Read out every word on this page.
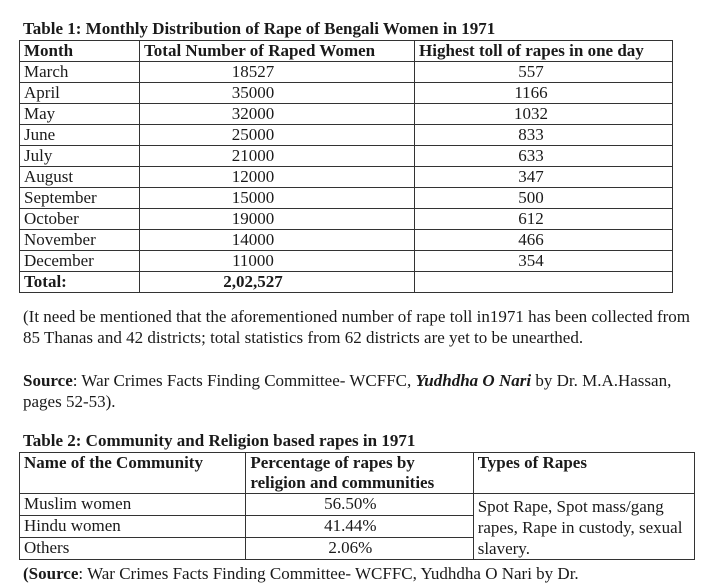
Table 1: Monthly Distribution of Rape of Bengali Women in 1971
Month	Total Number of Raped Women	Highest toll of rapes in one day
March	18527	557
April	35000	1166
May	32000	1032
June	25000	833
July	21000	633
August	12000	347
September	15000	500
October	19000	612
November	14000	466
December	11000	354
Total:	2,02,527	
(It need be mentioned that the aforementioned number of rape toll in1971 has been collected from 85 Thanas and 42 districts; total statistics from 62 districts are yet to be unearthed.
Source: War Crimes Facts Finding Committee- WCFFC, Yudhdha O Nari by Dr. M.A.Hassan, pages 52-53).
Table 2: Community and Religion based rapes in 1971
Name of the Community	Percentage of rapes by religion and communities	Types of Rapes
Muslim women	56.50%	Spot Rape, Spot mass/gang rapes, Rape in custody, sexual slavery.
Hindu women	41.44%	
Others	2.06%	
(Source: War Crimes Facts Finding Committee- WCFFC, Yudhdha O Nari by Dr.
